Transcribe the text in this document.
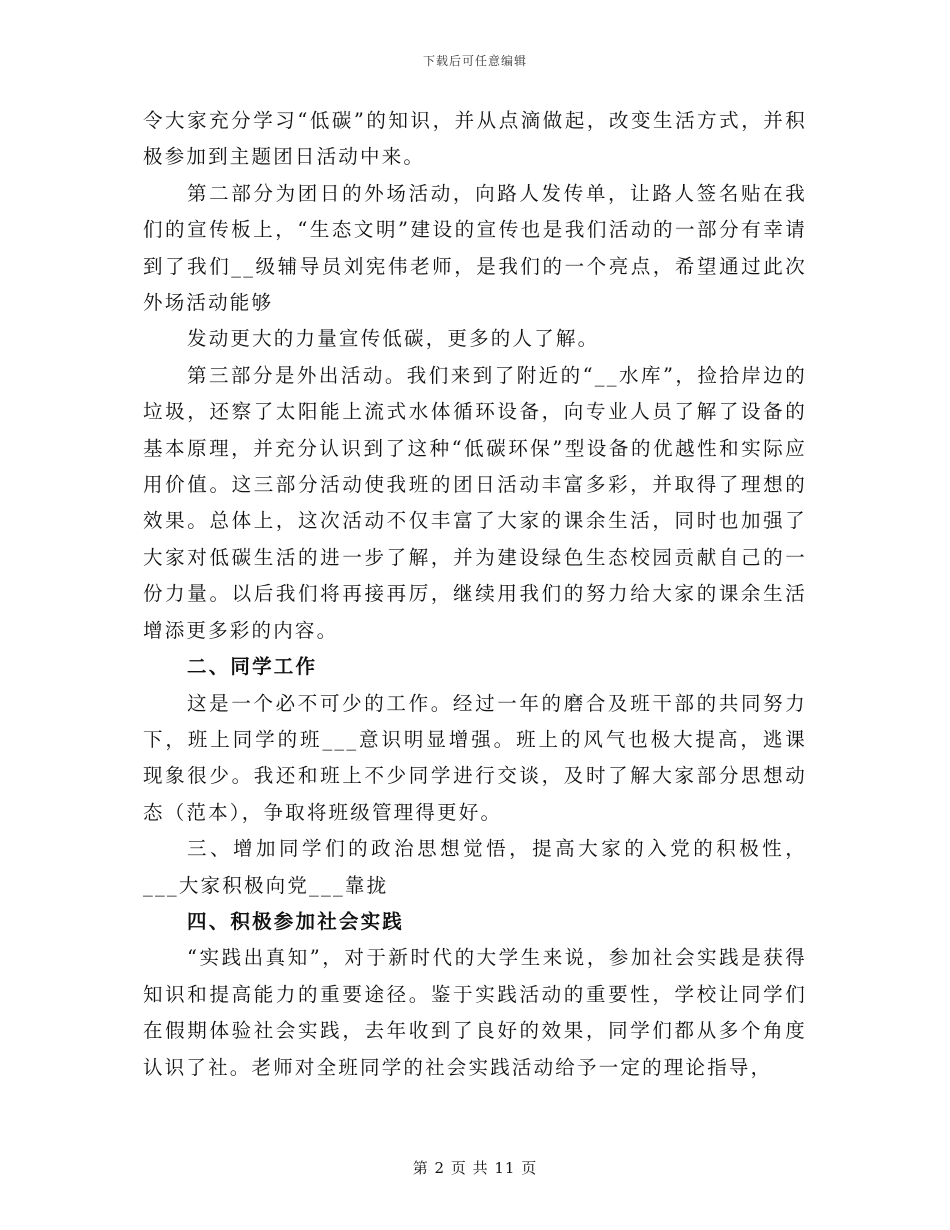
下载后可任意编辑

令大家充分学习“低碳”的知识，并从点滴做起，改变生活方式，并积极参加到主题团日活动中来。

第二部分为团日的外场活动，向路人发传单，让路人签名贴在我们的宣传板上，“生态文明”建设的宣传也是我们活动的一部分有幸请到了我们__级辅导员刘宪伟老师，是我们的一个亮点，希望通过此次外场活动能够

发动更大的力量宣传低碳，更多的人了解。

第三部分是外出活动。我们来到了附近的“__水库”，捡拾岸边的垃圾，还察了太阳能上流式水体循环设备，向专业人员了解了设备的基本原理，并充分认识到了这种“低碳环保”型设备的优越性和实际应用价值。这三部分活动使我班的团日活动丰富多彩，并取得了理想的效果。总体上，这次活动不仅丰富了大家的课余生活，同时也加强了大家对低碳生活的进一步了解，并为建设绿色生态校园贡献自己的一份力量。以后我们将再接再厉，继续用我们的努力给大家的课余生活增添更多彩的内容。

二、同学工作

这是一个必不可少的工作。经过一年的磨合及班干部的共同努力下，班上同学的班___意识明显增强。班上的风气也极大提高，逃课现象很少。我还和班上不少同学进行交谈，及时了解大家部分思想动态（范本），争取将班级管理得更好。

三、增加同学们的政治思想觉悟，提高大家的入党的积极性，___大家积极向党___靠拢

四、积极参加社会实践

“实践出真知”，对于新时代的大学生来说，参加社会实践是获得知识和提高能力的重要途径。鉴于实践活动的重要性，学校让同学们在假期体验社会实践，去年收到了良好的效果，同学们都从多个角度认识了社。老师对全班同学的社会实践活动给予一定的理论指导，

第 2 页 共 11 页
